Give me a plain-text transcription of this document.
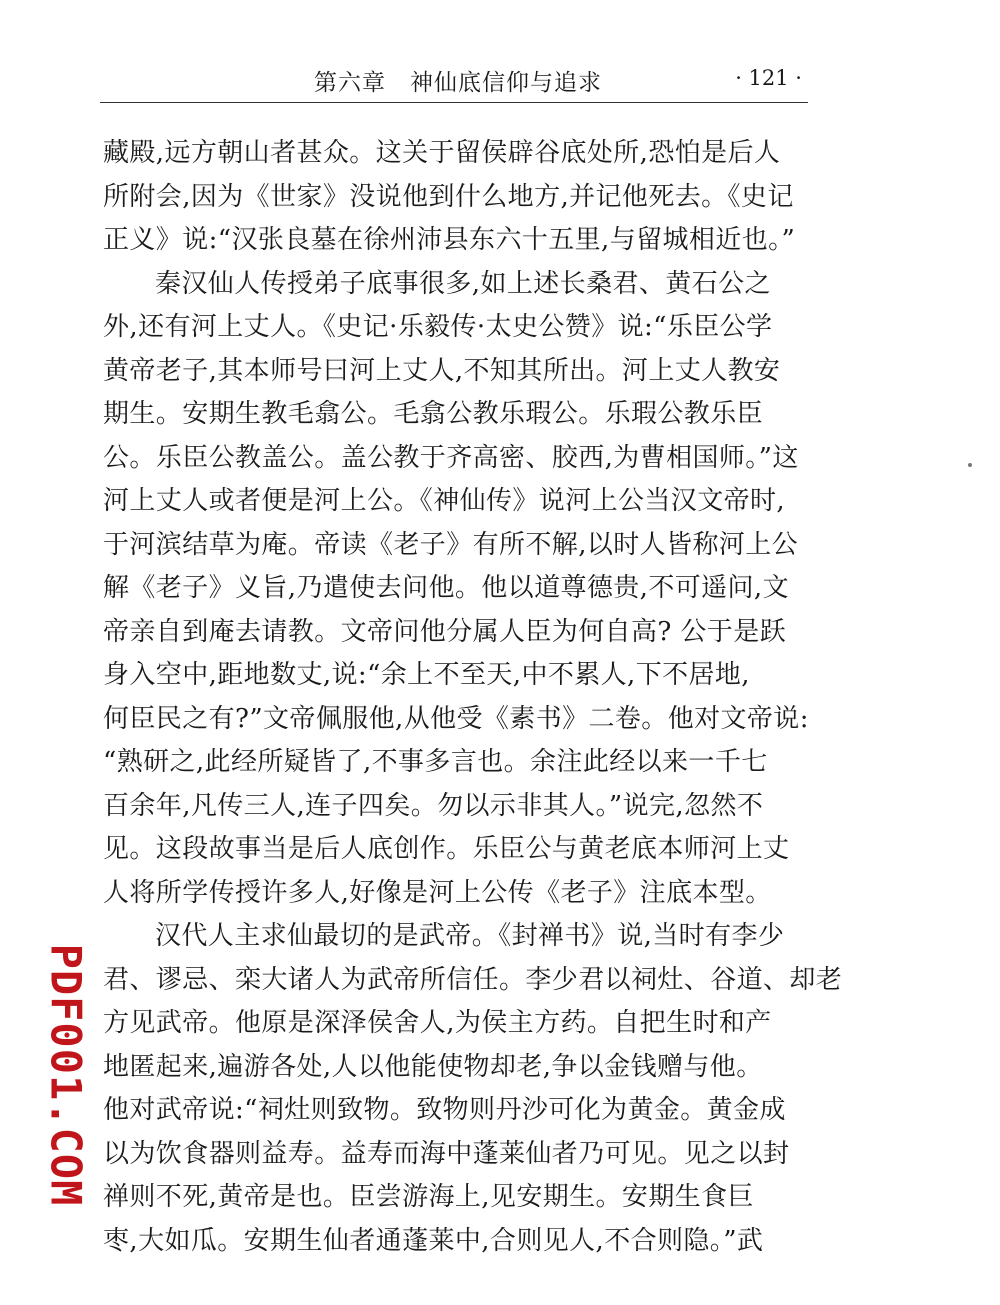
第六章　神仙底信仰与追求	· 121 ·
藏殿,远方朝山者甚众。这关于留侯辟谷底处所,恐怕是后人
所附会,因为《世家》没说他到什么地方,并记他死去。《史记
正义》说:“汉张良墓在徐州沛县东六十五里,与留城相近也。”
秦汉仙人传授弟子底事很多,如上述长桑君、黄石公之
外,还有河上丈人。《史记·乐毅传·太史公赞》说:“乐臣公学
黄帝老子,其本师号曰河上丈人,不知其所出。河上丈人教安
期生。安期生教毛翕公。毛翕公教乐瑕公。乐瑕公教乐臣
公。乐臣公教盖公。盖公教于齐高密、胶西,为曹相国师。”这
河上丈人或者便是河上公。《神仙传》说河上公当汉文帝时,
于河滨结草为庵。帝读《老子》有所不解,以时人皆称河上公
解《老子》义旨,乃遣使去问他。他以道尊德贵,不可遥问,文
帝亲自到庵去请教。文帝问他分属人臣为何自高? 公于是跃
身入空中,距地数丈,说:“余上不至天,中不累人,下不居地,
何臣民之有?”文帝佩服他,从他受《素书》二卷。他对文帝说:
“熟研之,此经所疑皆了,不事多言也。余注此经以来一千七
百余年,凡传三人,连子四矣。勿以示非其人。”说完,忽然不
见。这段故事当是后人底创作。乐臣公与黄老底本师河上丈
人将所学传授许多人,好像是河上公传《老子》注底本型。
汉代人主求仙最切的是武帝。《封禅书》说,当时有李少
君、谬忌、栾大诸人为武帝所信任。李少君以祠灶、谷道、却老
方见武帝。他原是深泽侯舍人,为侯主方药。自把生时和产
地匿起来,遍游各处,人以他能使物却老,争以金钱赠与他。
他对武帝说:“祠灶则致物。致物则丹沙可化为黄金。黄金成
以为饮食器则益寿。益寿而海中蓬莱仙者乃可见。见之以封
禅则不死,黄帝是也。臣尝游海上,见安期生。安期生食巨
枣,大如瓜。安期生仙者通蓬莱中,合则见人,不合则隐。”武
PDF001.COM
